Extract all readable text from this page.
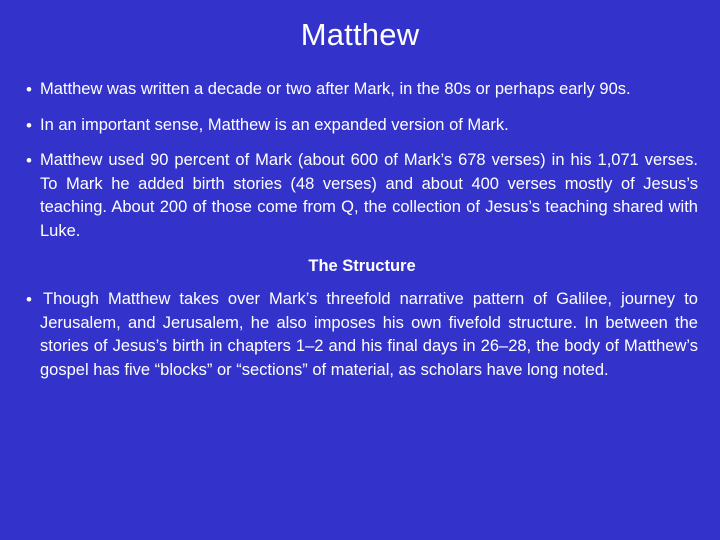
Matthew
• Matthew was written a decade or two after Mark, in the 80s or perhaps early 90s.
• In an important sense, Matthew is an expanded version of Mark.
• Matthew used 90 percent of Mark (about 600 of Mark’s 678 verses) in his 1,071 verses. To Mark he added birth stories (48 verses) and about 400 verses mostly of Jesus’s teaching. About 200 of those come from Q, the collection of Jesus’s teaching shared with Luke.
The Structure
• Though Matthew takes over Mark’s threefold narrative pattern of Galilee, journey to Jerusalem, and Jerusalem, he also imposes his own fivefold structure. In between the stories of Jesus’s birth in chapters 1–2 and his final days in 26–28, the body of Matthew’s gospel has five “blocks” or “sections” of material, as scholars have long noted.
